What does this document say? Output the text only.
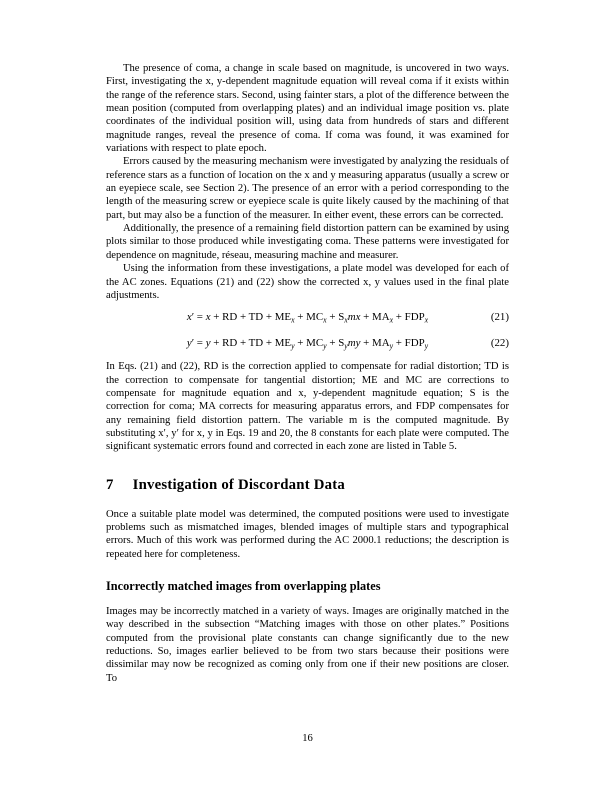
The presence of coma, a change in scale based on magnitude, is uncovered in two ways. First, investigating the x, y-dependent magnitude equation will reveal coma if it exists within the range of the reference stars. Second, using fainter stars, a plot of the difference between the mean position (computed from overlapping plates) and an individual image position vs. plate coordinates of the individual position will, using data from hundreds of stars and different magnitude ranges, reveal the presence of coma. If coma was found, it was examined for variations with respect to plate epoch.

Errors caused by the measuring mechanism were investigated by analyzing the residuals of reference stars as a function of location on the x and y measuring apparatus (usually a screw or an eyepiece scale, see Section 2). The presence of an error with a period corresponding to the length of the measuring screw or eyepiece scale is quite likely caused by the machining of that part, but may also be a function of the measurer. In either event, these errors can be corrected.

Additionally, the presence of a remaining field distortion pattern can be examined by using plots similar to those produced while investigating coma. These patterns were investigated for dependence on magnitude, réseau, measuring machine and measurer.

Using the information from these investigations, a plate model was developed for each of the AC zones. Equations (21) and (22) show the corrected x, y values used in the final plate adjustments.

x′ = x + RD + TD + $ME_x + MC_x + S_xmx + MA_x + FDP_x$	(21)
y′ = y + RD + TD + $ME_y + MC_y + S_ymy + MA_y + FDP_y$	(22)

In Eqs. (21) and (22), RD is the correction applied to compensate for radial distortion; TD is the correction to compensate for tangential distortion; ME and MC are corrections to compensate for magnitude equation and x, y-dependent magnitude equation; S is the correction for coma; MA corrects for measuring apparatus errors, and FDP compensates for any remaining field distortion pattern. The variable m is the computed magnitude. By substituting x′, y′ for x, y in Eqs. 19 and 20, the 8 constants for each plate were computed. The significant systematic errors found and corrected in each zone are listed in Table 5.

7 Investigation of Discordant Data

Once a suitable plate model was determined, the computed positions were used to investigate problems such as mismatched images, blended images of multiple stars and typographical errors. Much of this work was performed during the AC 2000.1 reductions; the description is repeated here for completeness.

Incorrectly matched images from overlapping plates

Images may be incorrectly matched in a variety of ways. Images are originally matched in the way described in the subsection “Matching images with those on other plates.” Positions computed from the provisional plate constants can change significantly due to the new reductions. So, images earlier believed to be from two stars because their positions were dissimilar may now be recognized as coming only from one if their new positions are closer. To

16
